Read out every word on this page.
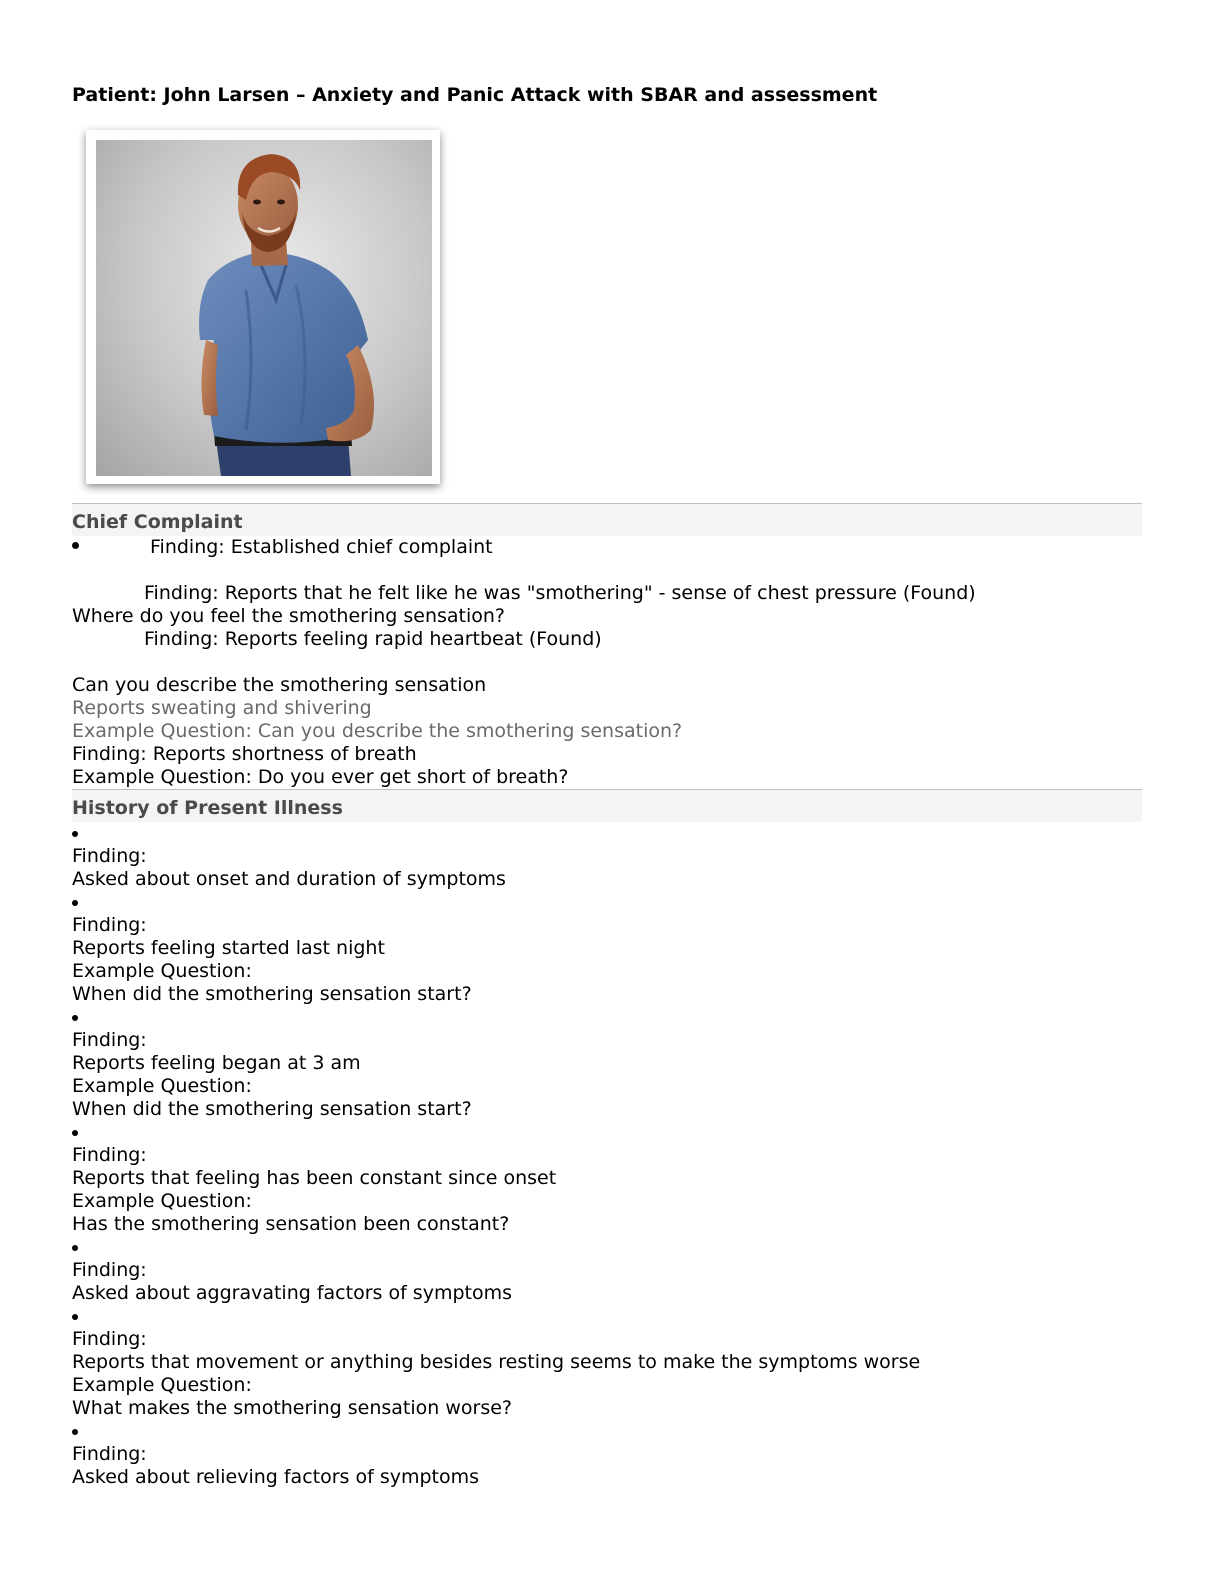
Patient: John Larsen – Anxiety and Panic Attack with SBAR and assessment
Chief Complaint
Finding: Established chief complaint
Finding: Reports that he felt like he was "smothering" - sense of chest pressure (Found)
Where do you feel the smothering sensation?
Finding: Reports feeling rapid heartbeat (Found)
Can you describe the smothering sensation
Reports sweating and shivering
Example Question: Can you describe the smothering sensation?
Finding: Reports shortness of breath
Example Question: Do you ever get short of breath?
History of Present Illness
Finding:
Asked about onset and duration of symptoms
Finding:
Reports feeling started last night
Example Question:
When did the smothering sensation start?
Finding:
Reports feeling began at 3 am
Example Question:
When did the smothering sensation start?
Finding:
Reports that feeling has been constant since onset
Example Question:
Has the smothering sensation been constant?
Finding:
Asked about aggravating factors of symptoms
Finding:
Reports that movement or anything besides resting seems to make the symptoms worse
Example Question:
What makes the smothering sensation worse?
Finding:
Asked about relieving factors of symptoms
